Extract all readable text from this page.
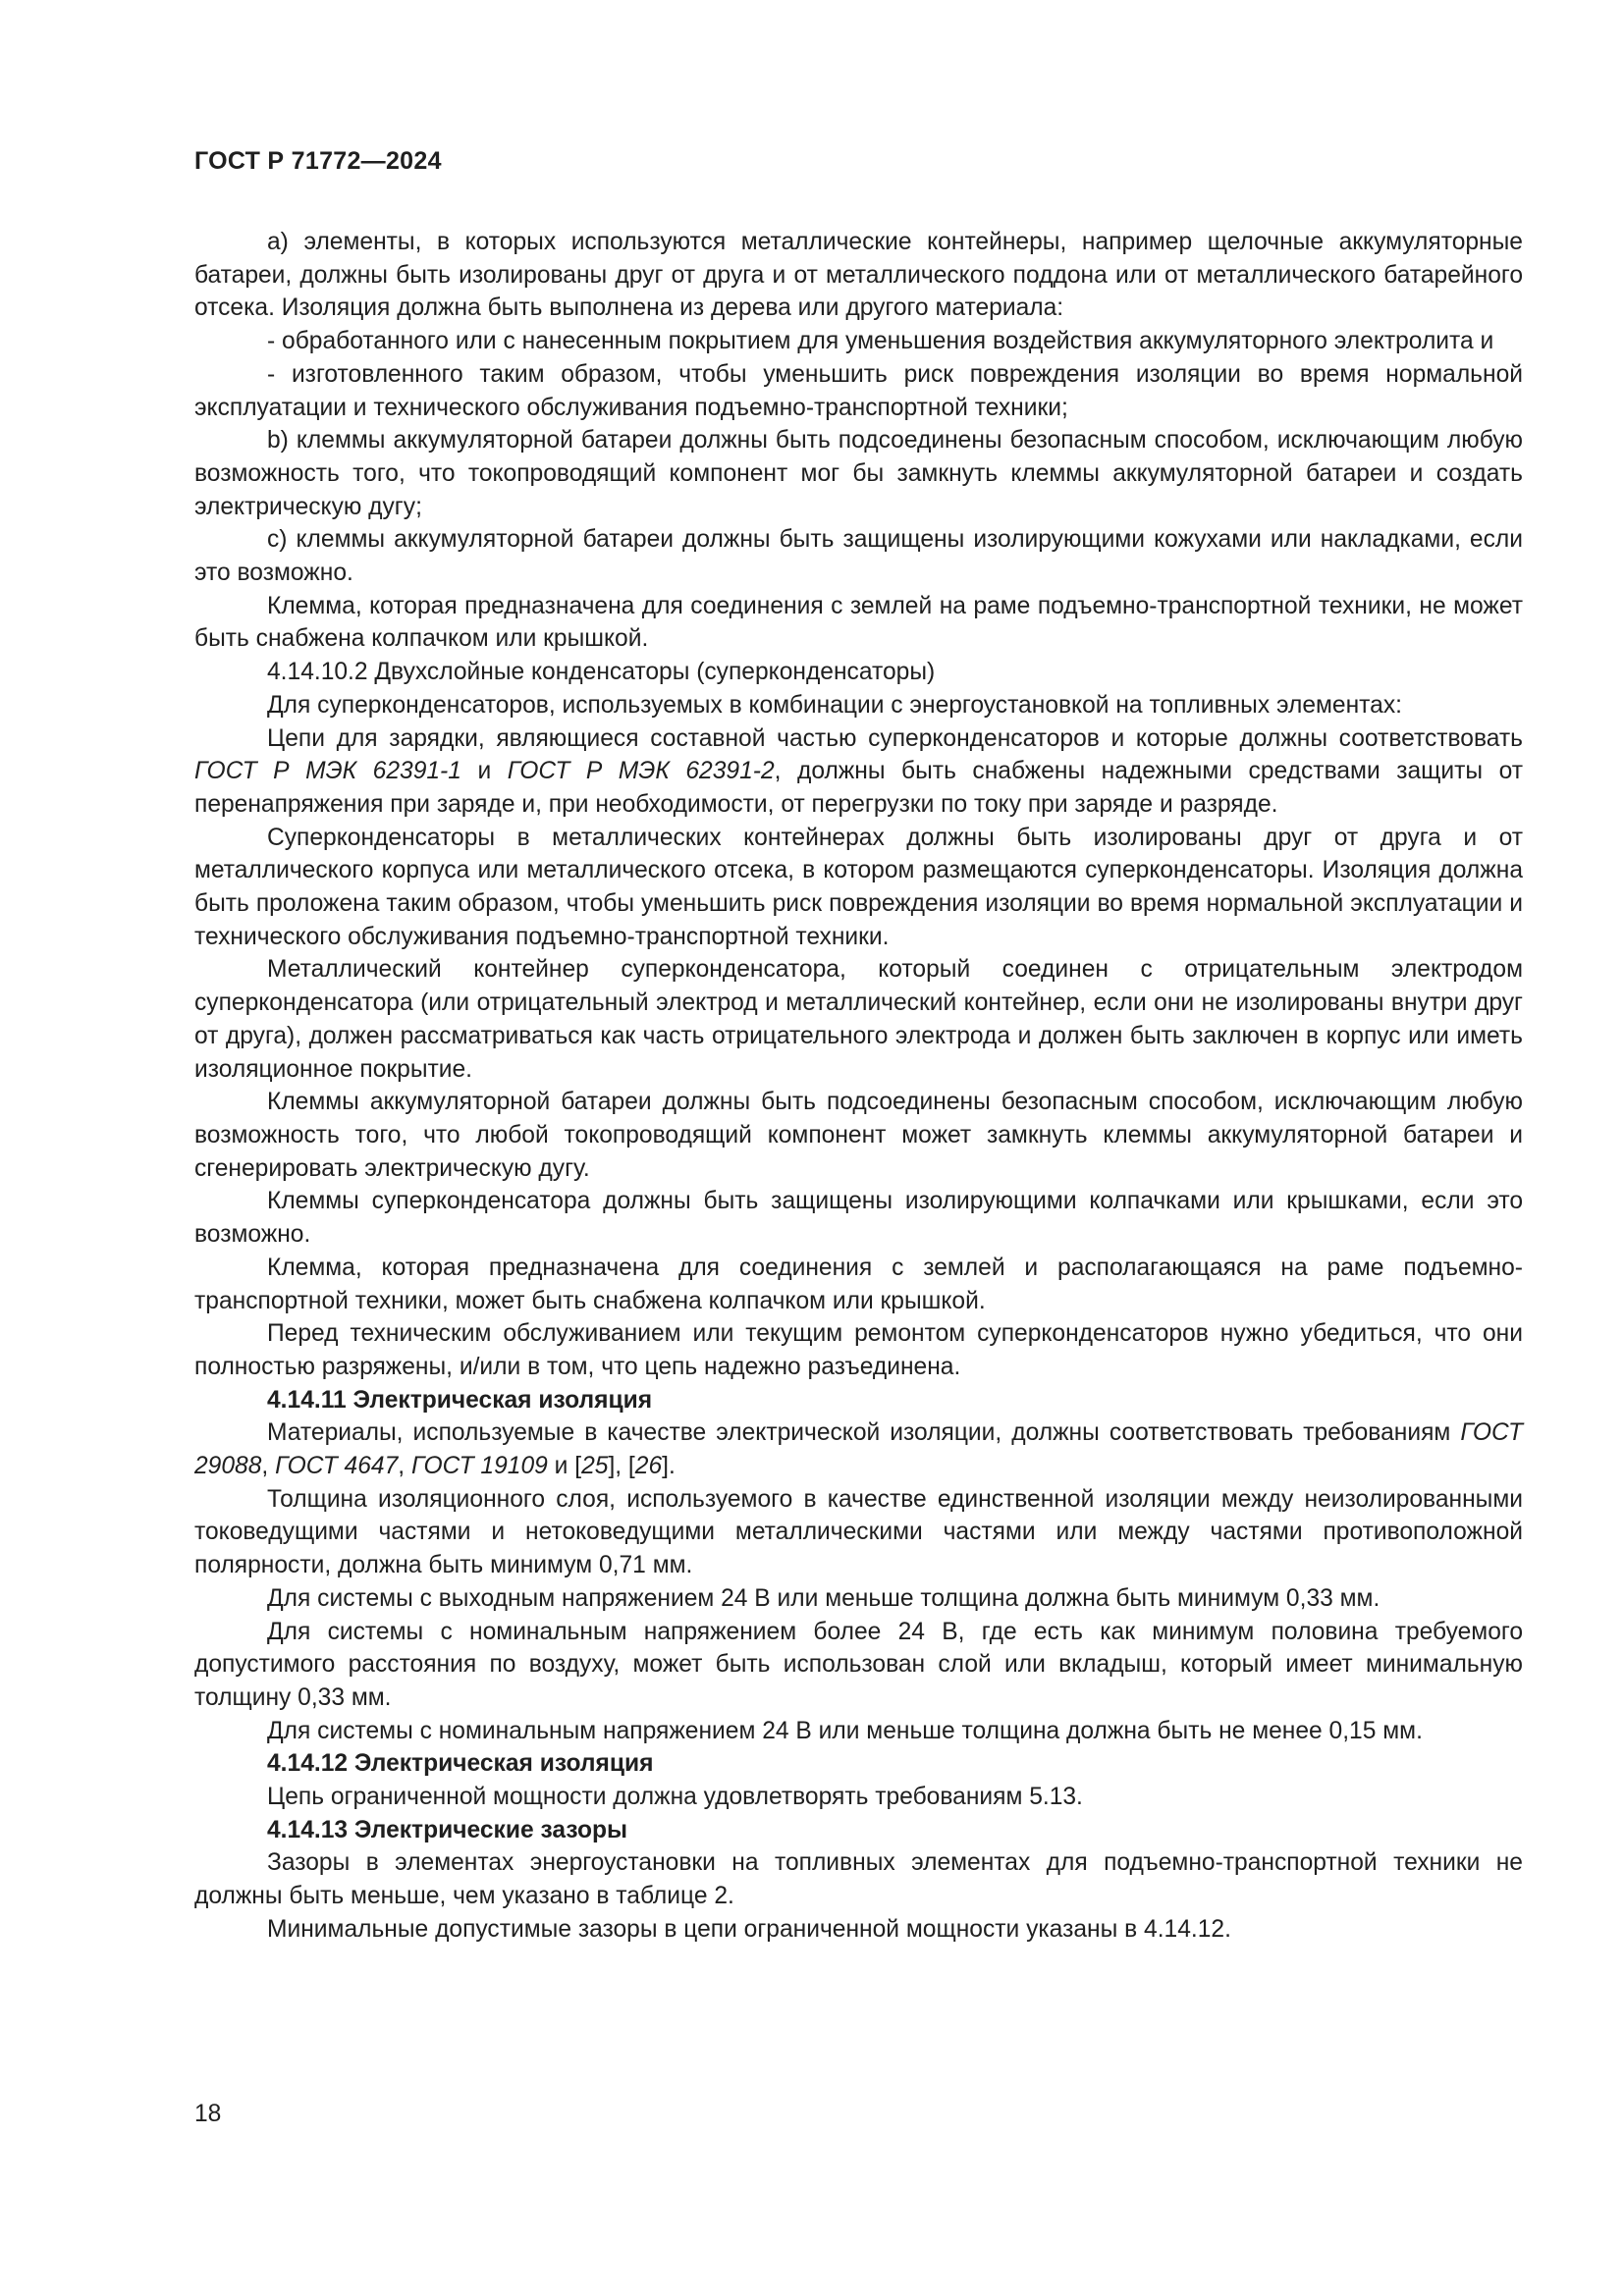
ГОСТ Р 71772—2024

a) элементы, в которых используются металлические контейнеры, например щелочные аккумуляторные батареи, должны быть изолированы друг от друга и от металлического поддона или от металлического батарейного отсека. Изоляция должна быть выполнена из дерева или другого материала:

- обработанного или с нанесенным покрытием для уменьшения воздействия аккумуляторного электролита и

- изготовленного таким образом, чтобы уменьшить риск повреждения изоляции во время нормальной эксплуатации и технического обслуживания подъемно-транспортной техники;

b) клеммы аккумуляторной батареи должны быть подсоединены безопасным способом, исключающим любую возможность того, что токопроводящий компонент мог бы замкнуть клеммы аккумуляторной батареи и создать электрическую дугу;

c) клеммы аккумуляторной батареи должны быть защищены изолирующими кожухами или накладками, если это возможно.

Клемма, которая предназначена для соединения с землей на раме подъемно-транспортной техники, не может быть снабжена колпачком или крышкой.

4.14.10.2 Двухслойные конденсаторы (суперконденсаторы)

Для суперконденсаторов, используемых в комбинации с энергоустановкой на топливных элементах:

Цепи для зарядки, являющиеся составной частью суперконденсаторов и которые должны соответствовать ГОСТ Р МЭК 62391-1 и ГОСТ Р МЭК 62391-2, должны быть снабжены надежными средствами защиты от перенапряжения при заряде и, при необходимости, от перегрузки по току при заряде и разряде.

Суперконденсаторы в металлических контейнерах должны быть изолированы друг от друга и от металлического корпуса или металлического отсека, в котором размещаются суперконденсаторы. Изоляция должна быть проложена таким образом, чтобы уменьшить риск повреждения изоляции во время нормальной эксплуатации и технического обслуживания подъемно-транспортной техники.

Металлический контейнер суперконденсатора, который соединен с отрицательным электродом суперконденсатора (или отрицательный электрод и металлический контейнер, если они не изолированы внутри друг от друга), должен рассматриваться как часть отрицательного электрода и должен быть заключен в корпус или иметь изоляционное покрытие.

Клеммы аккумуляторной батареи должны быть подсоединены безопасным способом, исключающим любую возможность того, что любой токопроводящий компонент может замкнуть клеммы аккумуляторной батареи и сгенерировать электрическую дугу.

Клеммы суперконденсатора должны быть защищены изолирующими колпачками или крышками, если это возможно.

Клемма, которая предназначена для соединения с землей и располагающаяся на раме подъемно-транспортной техники, может быть снабжена колпачком или крышкой.

Перед техническим обслуживанием или текущим ремонтом суперконденсаторов нужно убедиться, что они полностью разряжены, и/или в том, что цепь надежно разъединена.

4.14.11 Электрическая изоляция

Материалы, используемые в качестве электрической изоляции, должны соответствовать требованиям ГОСТ 29088, ГОСТ 4647, ГОСТ 19109 и [25], [26].

Толщина изоляционного слоя, используемого в качестве единственной изоляции между неизолированными токоведущими частями и нетоковедущими металлическими частями или между частями противоположной полярности, должна быть минимум 0,71 мм.

Для системы с выходным напряжением 24 В или меньше толщина должна быть минимум 0,33 мм.

Для системы с номинальным напряжением более 24 В, где есть как минимум половина требуемого допустимого расстояния по воздуху, может быть использован слой или вкладыш, который имеет минимальную толщину 0,33 мм.

Для системы с номинальным напряжением 24 В или меньше толщина должна быть не менее 0,15 мм.

4.14.12 Электрическая изоляция

Цепь ограниченной мощности должна удовлетворять требованиям 5.13.

4.14.13 Электрические зазоры

Зазоры в элементах энергоустановки на топливных элементах для подъемно-транспортной техники не должны быть меньше, чем указано в таблице 2.

Минимальные допустимые зазоры в цепи ограниченной мощности указаны в 4.14.12.

18
